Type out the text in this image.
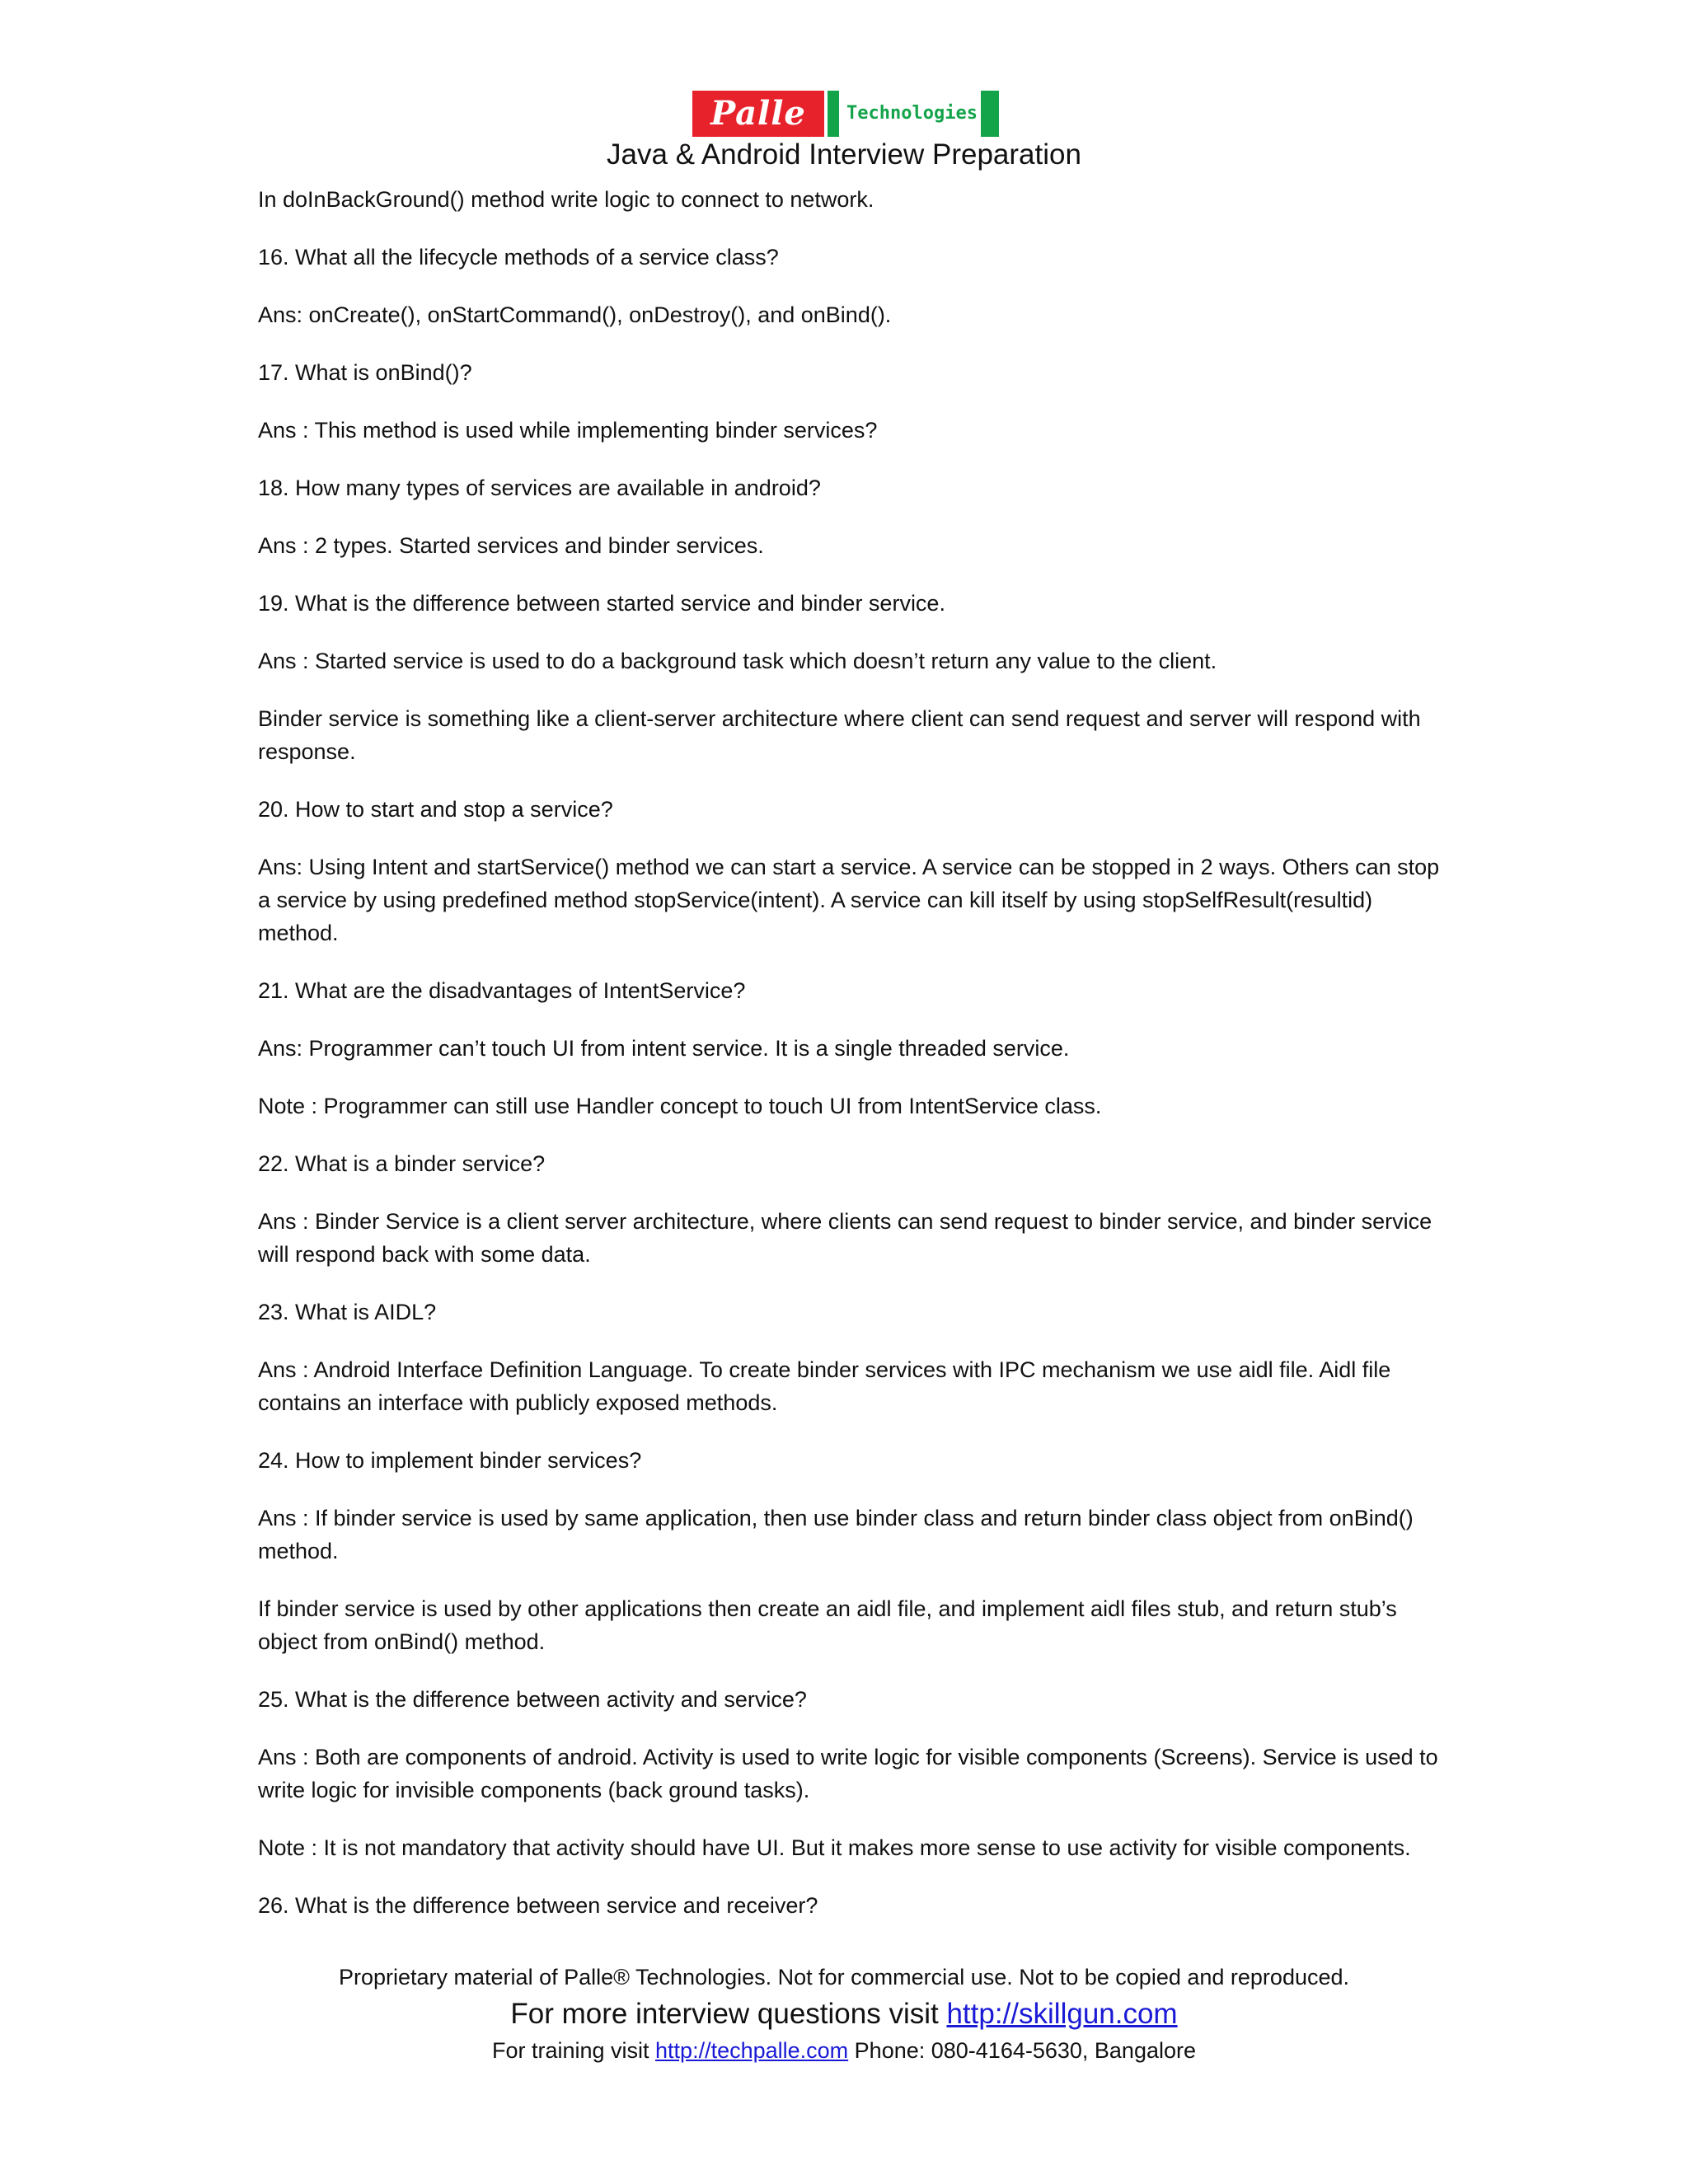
Palle	Technologies
Java & Android Interview Preparation

In doInBackGround() method write logic to connect to network.

16. What all the lifecycle methods of a service class?

Ans: onCreate(), onStartCommand(), onDestroy(), and onBind().

17. What is onBind()?

Ans : This method is used while implementing binder services?

18. How many types of services are available in android?

Ans : 2 types. Started services and binder services.

19. What is the difference between started service and binder service.

Ans : Started service is used to do a background task which doesn’t return any value to the client.

Binder service is something like a client-server architecture where client can send request and server will respond with response.

20. How to start and stop a service?

Ans: Using Intent and startService() method we can start a service. A service can be stopped in 2 ways. Others can stop a service by using predefined method stopService(intent). A service can kill itself by using stopSelfResult(resultid) method.

21. What are the disadvantages of IntentService?

Ans: Programmer can’t touch UI from intent service. It is a single threaded service.

Note : Programmer can still use Handler concept to touch UI from IntentService class.

22. What is a binder service?

Ans : Binder Service is a client server architecture, where clients can send request to binder service, and binder service will respond back with some data.

23. What is AIDL?

Ans : Android Interface Definition Language. To create binder services with IPC mechanism we use aidl file. Aidl file contains an interface with publicly exposed methods.

24. How to implement binder services?

Ans : If binder service is used by same application, then use binder class and return binder class object from onBind() method.

If binder service is used by other applications then create an aidl file, and implement aidl files stub, and return stub’s object from onBind() method.

25. What is the difference between activity and service?

Ans : Both are components of android. Activity is used to write logic for visible components (Screens). Service is used to write logic for invisible components (back ground tasks).

Note : It is not mandatory that activity should have UI. But it makes more sense to use activity for visible components.

26. What is the difference between service and receiver?

Proprietary material of Palle® Technologies. Not for commercial use. Not to be copied and reproduced.
For more interview questions visit http://skillgun.com
For training visit http://techpalle.com Phone: 080-4164-5630, Bangalore
